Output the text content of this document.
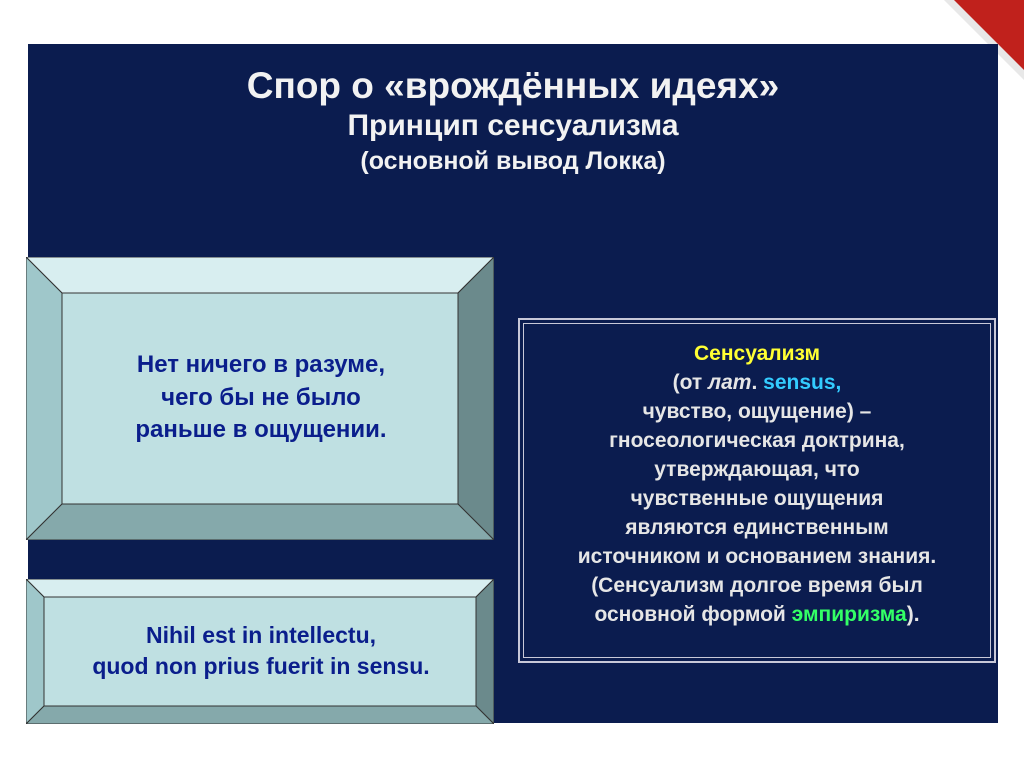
Спор о «врождённых идеях»
Принцип сенсуализма
(основной вывод Локка)
Нет ничего в разуме,
чего бы не было
раньше в ощущении.
Nihil est in intellectu,
quod non prius fuerit in sensu.
Сенсуализм
(от лат. sensus,
чувство, ощущение) –
гносеологическая доктрина,
утверждающая, что
чувственные ощущения
являются единственным
источником и основанием знания.
(Сенсуализм долгое время был
основной формой эмпиризма).
